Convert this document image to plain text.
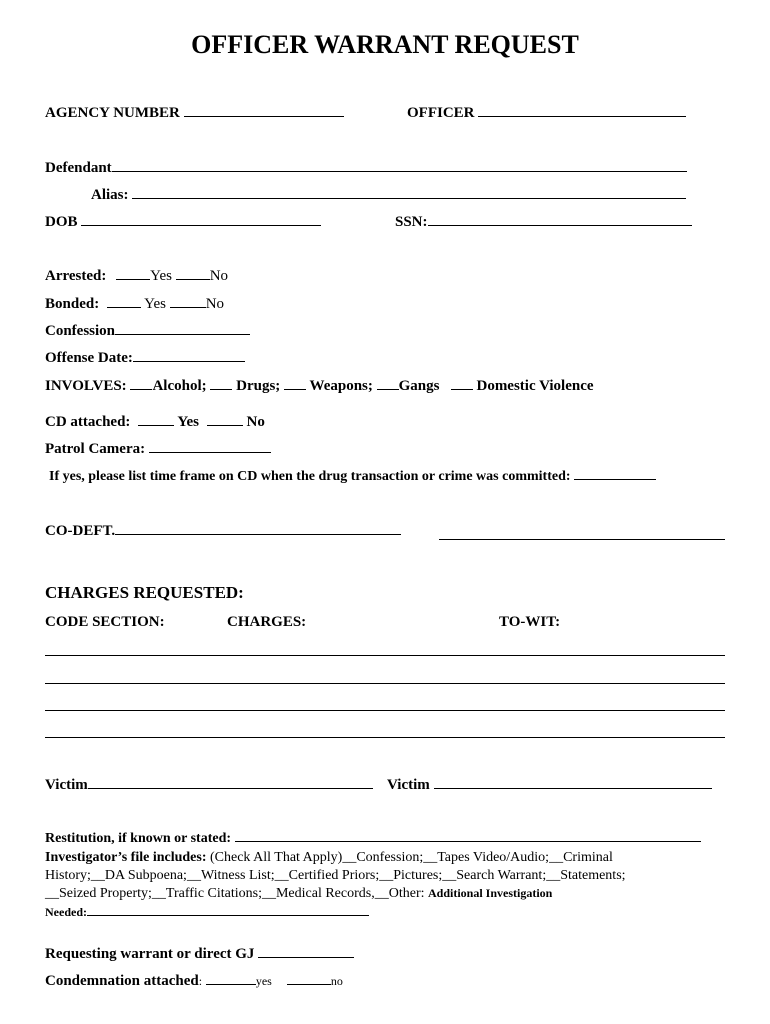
OFFICER WARRANT REQUEST
AGENCY NUMBER	OFFICER
Defendant
Alias:
DOB	SSN:
Arrested:	Yes	No
Bonded:	Yes	No
Confession
Offense Date:
INVOLVES: Alcohol; Drugs; Weapons; Gangs Domestic Violence
CD attached:	Yes	No
Patrol Camera:
If yes, please list time frame on CD when the drug transaction or crime was committed:
CO-DEFT.
CHARGES REQUESTED:
CODE SECTION:	CHARGES:	TO-WIT:
Victim	Victim
Restitution, if known or stated:
Investigator’s file includes: (Check All That Apply)__Confession;__Tapes Video/Audio;__Criminal
History;__DA Subpoena;__Witness List;__Certified Priors;__Pictures;__Search Warrant;__Statements;
__Seized Property;__Traffic Citations;__Medical Records,__Other: Additional Investigation
Needed:
Requesting warrant or direct GJ
Condemnation attached:	yes	no
